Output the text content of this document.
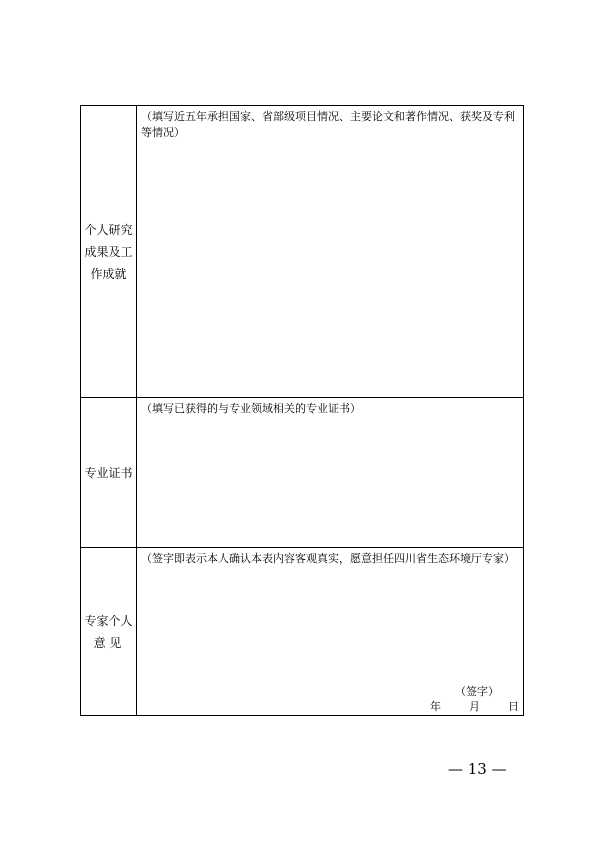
个人研究
成果及工
作成就	（填写近五年承担国家、省部级项目情况、主要论文和著作情况、获奖及专利等情况）

专业证书	（填写已获得的与专业领域相关的专业证书）

专家个人
意 见	（签字即表示本人确认本表内容客观真实，愿意担任四川省生态环境厅专家）
（签字）
年 月 日
— 13 —
